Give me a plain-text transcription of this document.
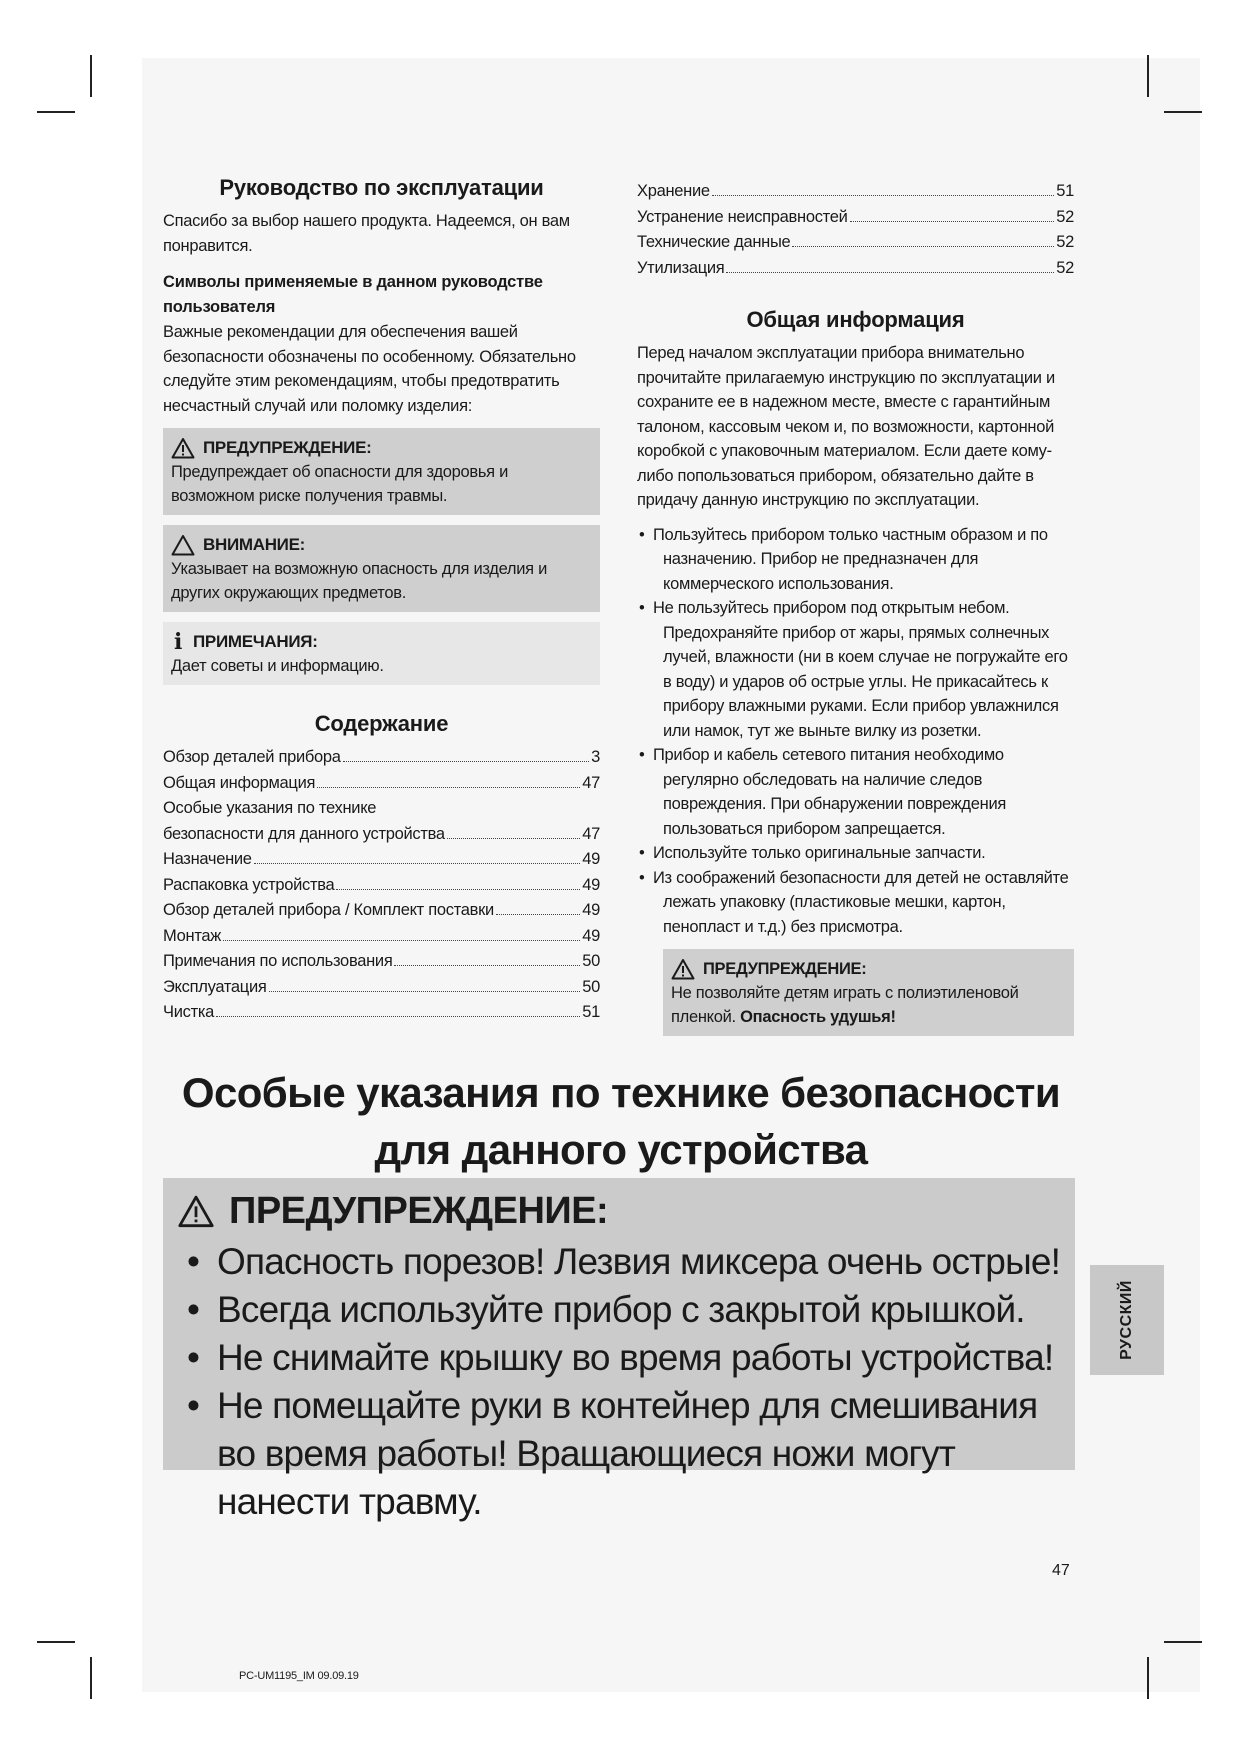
Руководство по эксплуатации

Спасибо за выбор нашего продукта. Надеемся, он вам понравится.

Символы применяемые в данном руководстве пользователя

Важные рекомендации для обеспечения вашей безопасности обозначены по особенному. Обязательно следуйте этим рекомендациям, чтобы предотвратить несчастный случай или поломку изделия:

ПРЕДУПРЕЖДЕНИЕ:

Предупреждает об опасности для здоровья и возможном риске получения травмы.

ВНИМАНИЕ:

Указывает на возможную опасность для изделия и других окружающих предметов.

i ПРИМЕЧАНИЯ:

Дает советы и информацию.

Содержание
Обзор деталей прибора	3
Общая информация	47
Особые указания по технике
безопасности для данного устройства	47
Назначение	49
Распаковка устройства	49
Обзор деталей прибора / Комплект поставки	49
Монтаж	49
Примечания по использования	50
Эксплуатация	50
Чистка	51
Хранение	51
Устранение неисправностей	52
Технические данные	52
Утилизация	52
Общая информация

Перед началом эксплуатации прибора внимательно прочитайте прилагаемую инструкцию по эксплуатации и сохраните ее в надежном месте, вместе с гарантийным талоном, кассовым чеком и, по возможности, картонной коробкой с упаковочным материалом. Если даете кому-либо попользоваться прибором, обязательно дайте в придачу данную инструкцию по эксплуатации.

• Пользуйтесь прибором только частным образом и по назначению. Прибор не предназначен для коммерческого использования.
• Не пользуйтесь прибором под открытым небом. Предохраняйте прибор от жары, прямых солнечных лучей, влажности (ни в коем случае не погружайте его в воду) и ударов об острые углы. Не прикасайтесь к прибору влажными руками. Если прибор увлажнился или намок, тут же выньте вилку из розетки.
• Прибор и кабель сетевого питания необходимо регулярно обследовать на наличие следов повреждения. При обнаружении повреждения пользоваться прибором запрещается.
• Используйте только оригинальные запчасти.
• Из соображений безопасности для детей не оставляйте лежать упаковку (пластиковые мешки, картон, пенопласт и т.д.) без присмотра.
ПРЕДУПРЕЖДЕНИЕ:

Не позволяйте детям играть с полиэтиленовой пленкой. Опасность удушья!

Особые указания по технике безопасности
для данного устройства
ПРЕДУПРЕЖДЕНИЕ:
• Опасность порезов! Лезвия миксера очень острые!
• Всегда используйте прибор с закрытой крышкой.
• Не снимайте крышку во время работы устройства!
• Не помещайте руки в контейнер для смешивания во время работы! Вращающиеся ножи могут нанести травму.
РУССКИЙ
47
PC-UM1195_IM 09.09.19
